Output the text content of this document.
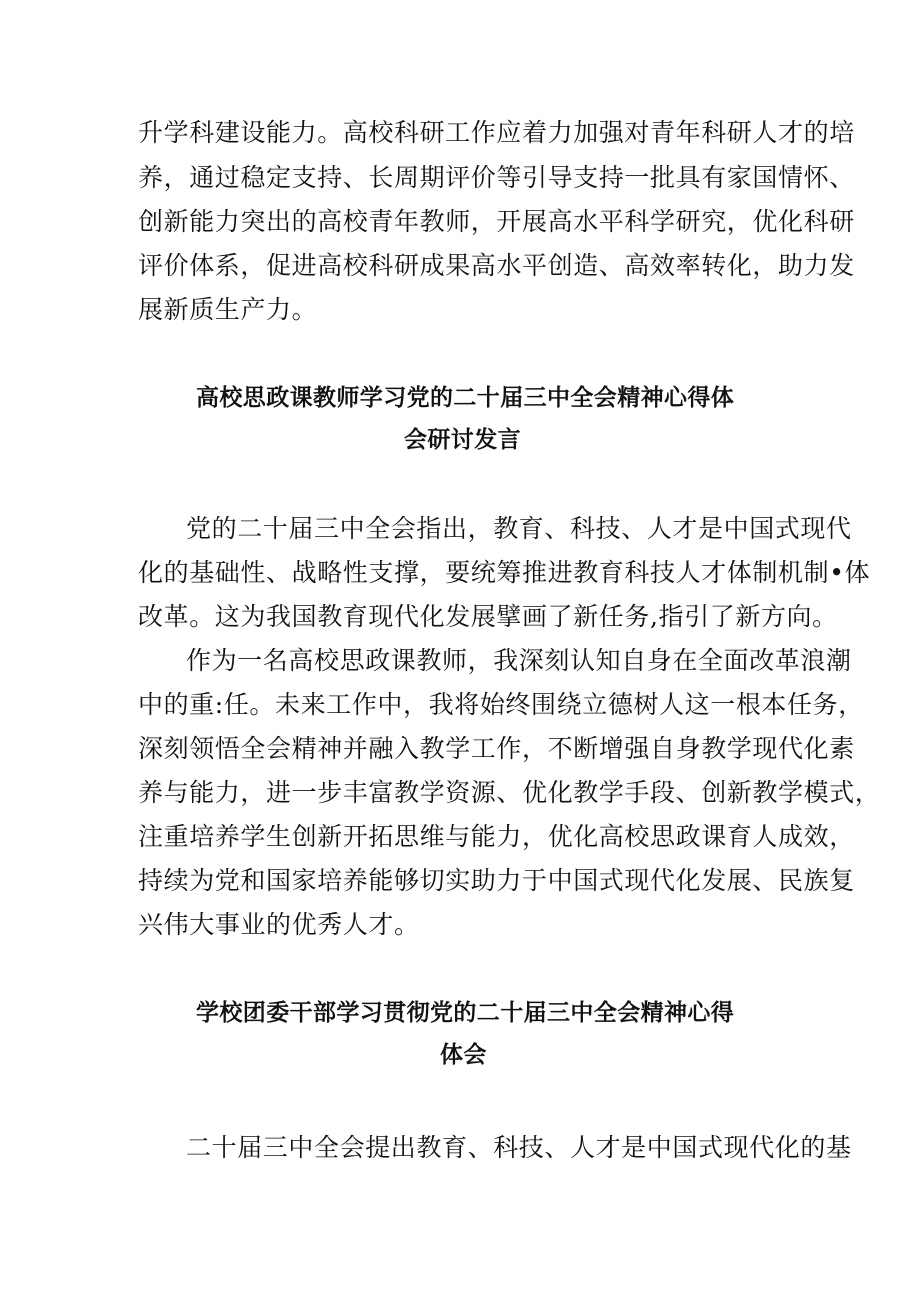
升学科建设能力。高校科研工作应着力加强对青年科研人才的培
养，通过稳定支持、长周期评价等引导支持一批具有家国情怀、
创新能力突出的高校青年教师，开展高水平科学研究，优化科研
评价体系，促进高校科研成果高水平创造、高效率转化，助力发
展新质生产力。
高校思政课教师学习党的二十届三中全会精神心得体
会研讨发言
党的二十届三中全会指出，教育、科技、人才是中国式现代
化的基础性、战略性支撑，要统筹推进教育科技人才体制机制•体
改革。这为我国教育现代化发展擘画了新任务,指引了新方向。
作为一名高校思政课教师，我深刻认知自身在全面改革浪潮
中的重:任。未来工作中，我将始终围绕立德树人这一根本任务，
深刻领悟全会精神并融入教学工作，不断增强自身教学现代化素
养与能力，进一步丰富教学资源、优化教学手段、创新教学模式，
注重培养学生创新开拓思维与能力，优化高校思政课育人成效，
持续为党和国家培养能够切实助力于中国式现代化发展、民族复
兴伟大事业的优秀人才。
学校团委干部学习贯彻党的二十届三中全会精神心得
体会
二十届三中全会提出教育、科技、人才是中国式现代化的基
